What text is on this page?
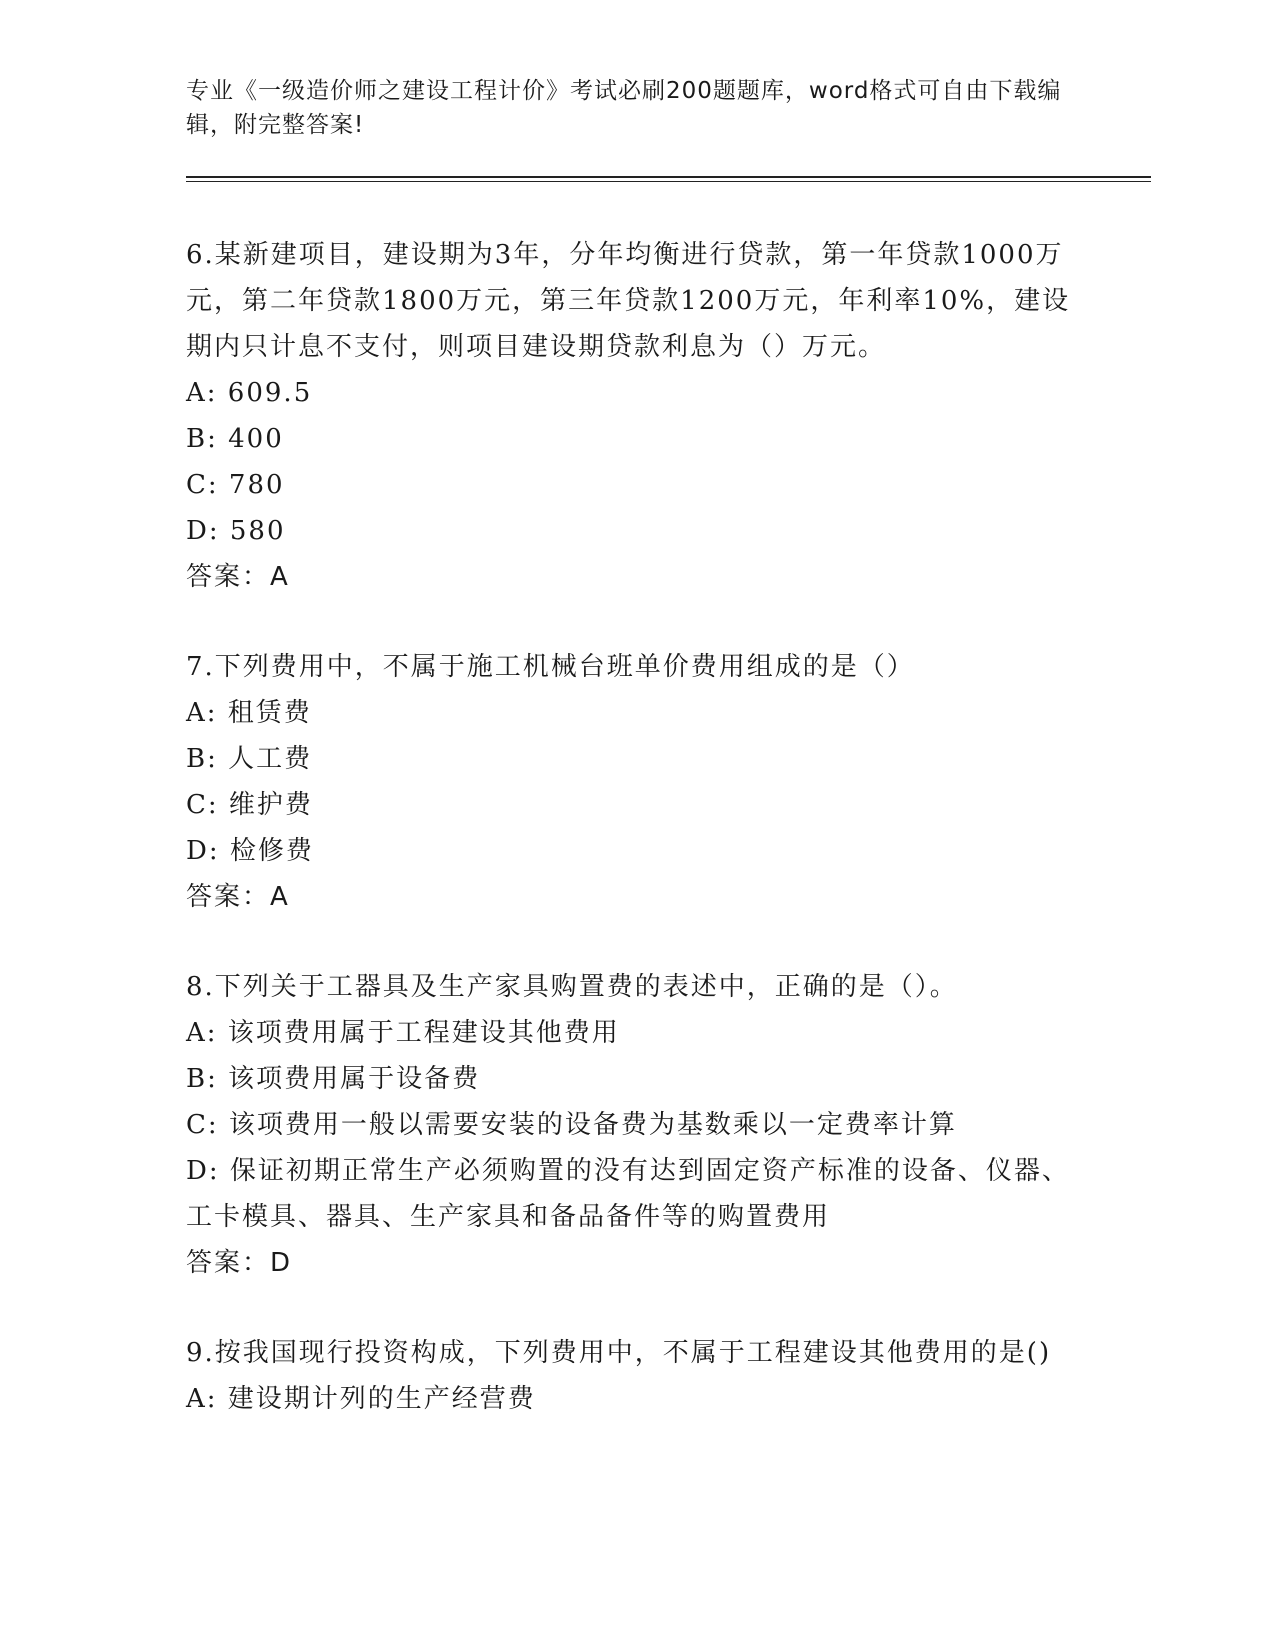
专业《一级造价师之建设工程计价》考试必刷200题题库，word格式可自由下载编辑，附完整答案!
6.某新建项目，建设期为3年，分年均衡进行贷款，第一年贷款1000万元，第二年贷款1800万元，第三年贷款1200万元，年利率10%，建设期内只计息不支付，则项目建设期贷款利息为（）万元。
A: 609.5
B: 400
C: 780
D: 580
答案：A
7.下列费用中，不属于施工机械台班单价费用组成的是（）
A: 租赁费
B: 人工费
C: 维护费
D: 检修费
答案：A
8.下列关于工器具及生产家具购置费的表述中，正确的是（）。
A: 该项费用属于工程建设其他费用
B: 该项费用属于设备费
C: 该项费用一般以需要安装的设备费为基数乘以一定费率计算
D: 保证初期正常生产必须购置的没有达到固定资产标准的设备、仪器、工卡模具、器具、生产家具和备品备件等的购置费用
答案：D
9.按我国现行投资构成，下列费用中，不属于工程建设其他费用的是()
A: 建设期计列的生产经营费
